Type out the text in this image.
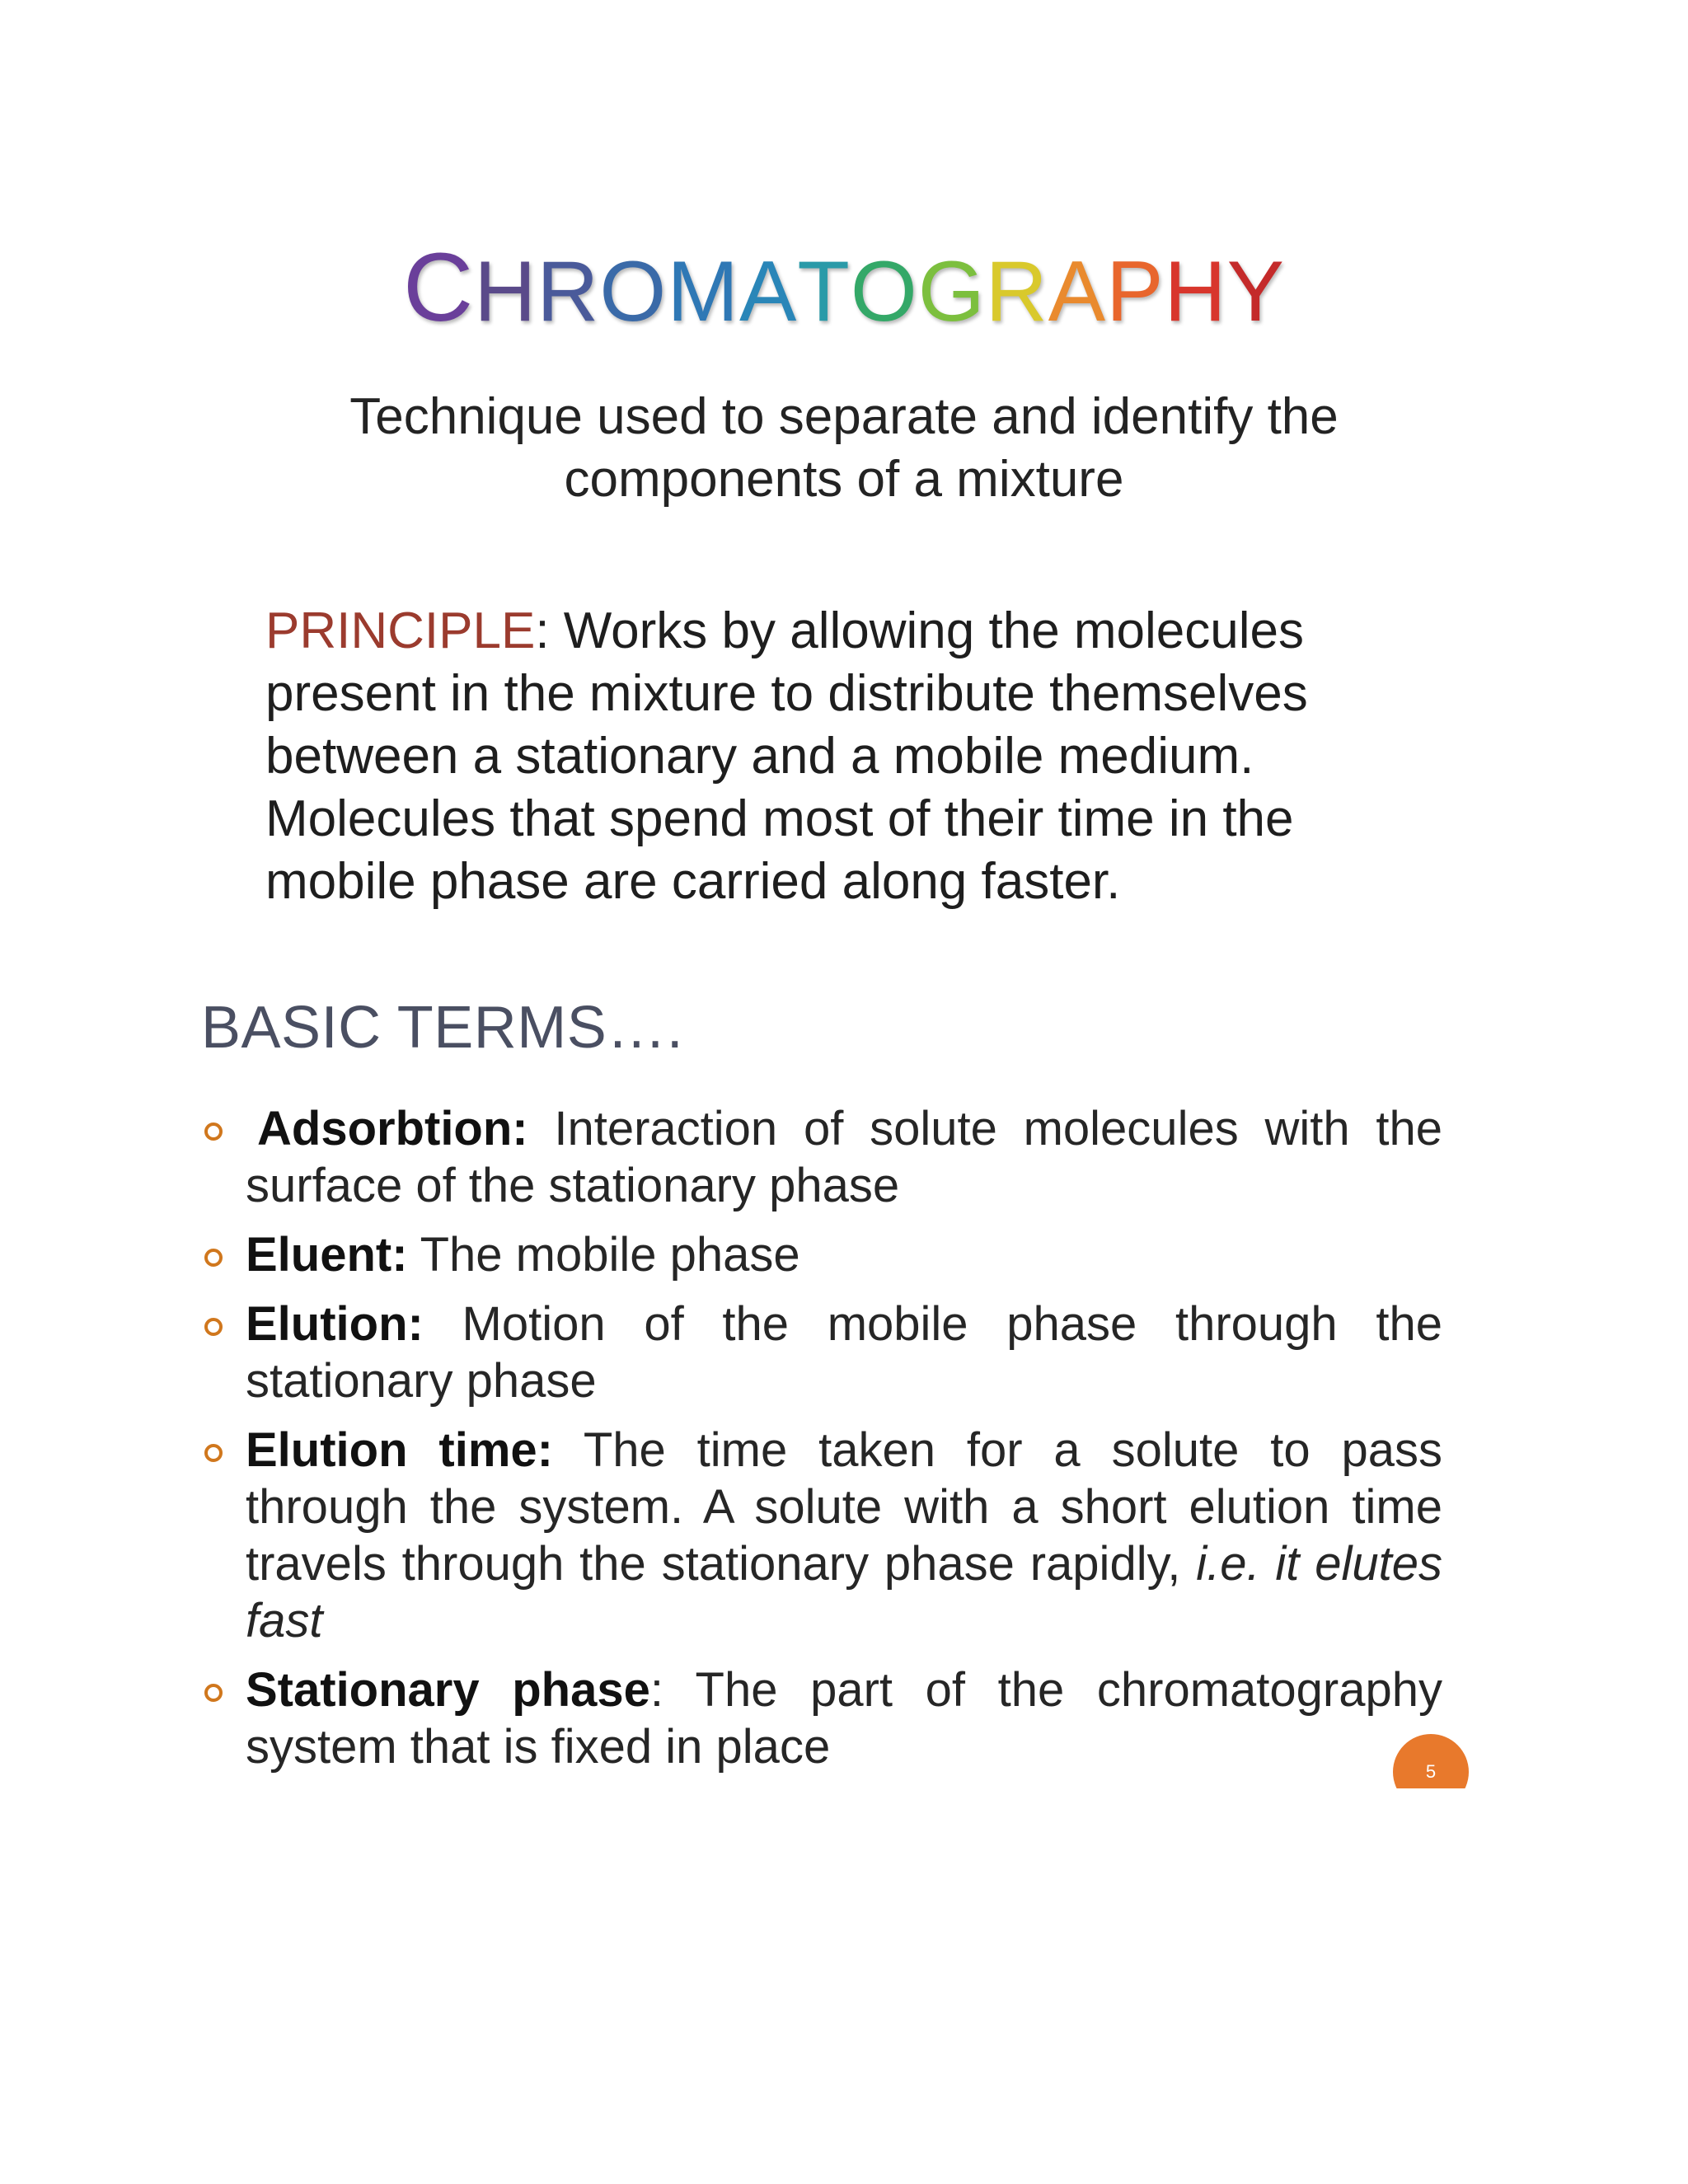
CHROMATOGRAPHY
Technique used to separate and identify the
components of a mixture
PRINCIPLE: Works by allowing the molecules
present in the mixture to distribute themselves
between a stationary and a mobile medium.
Molecules that spend most of their time in the
mobile phase are carried along faster.
BASIC TERMS….
Adsorbtion: Interaction of solute molecules with the surface of the stationary phase
Eluent: The mobile phase
Elution: Motion of the mobile phase through the stationary phase
Elution time: The time taken for a solute to pass through the system. A solute with a short elution time travels through the stationary phase rapidly, i.e. it elutes fast
Stationary phase: The part of the chromatography system that is fixed in place	5
